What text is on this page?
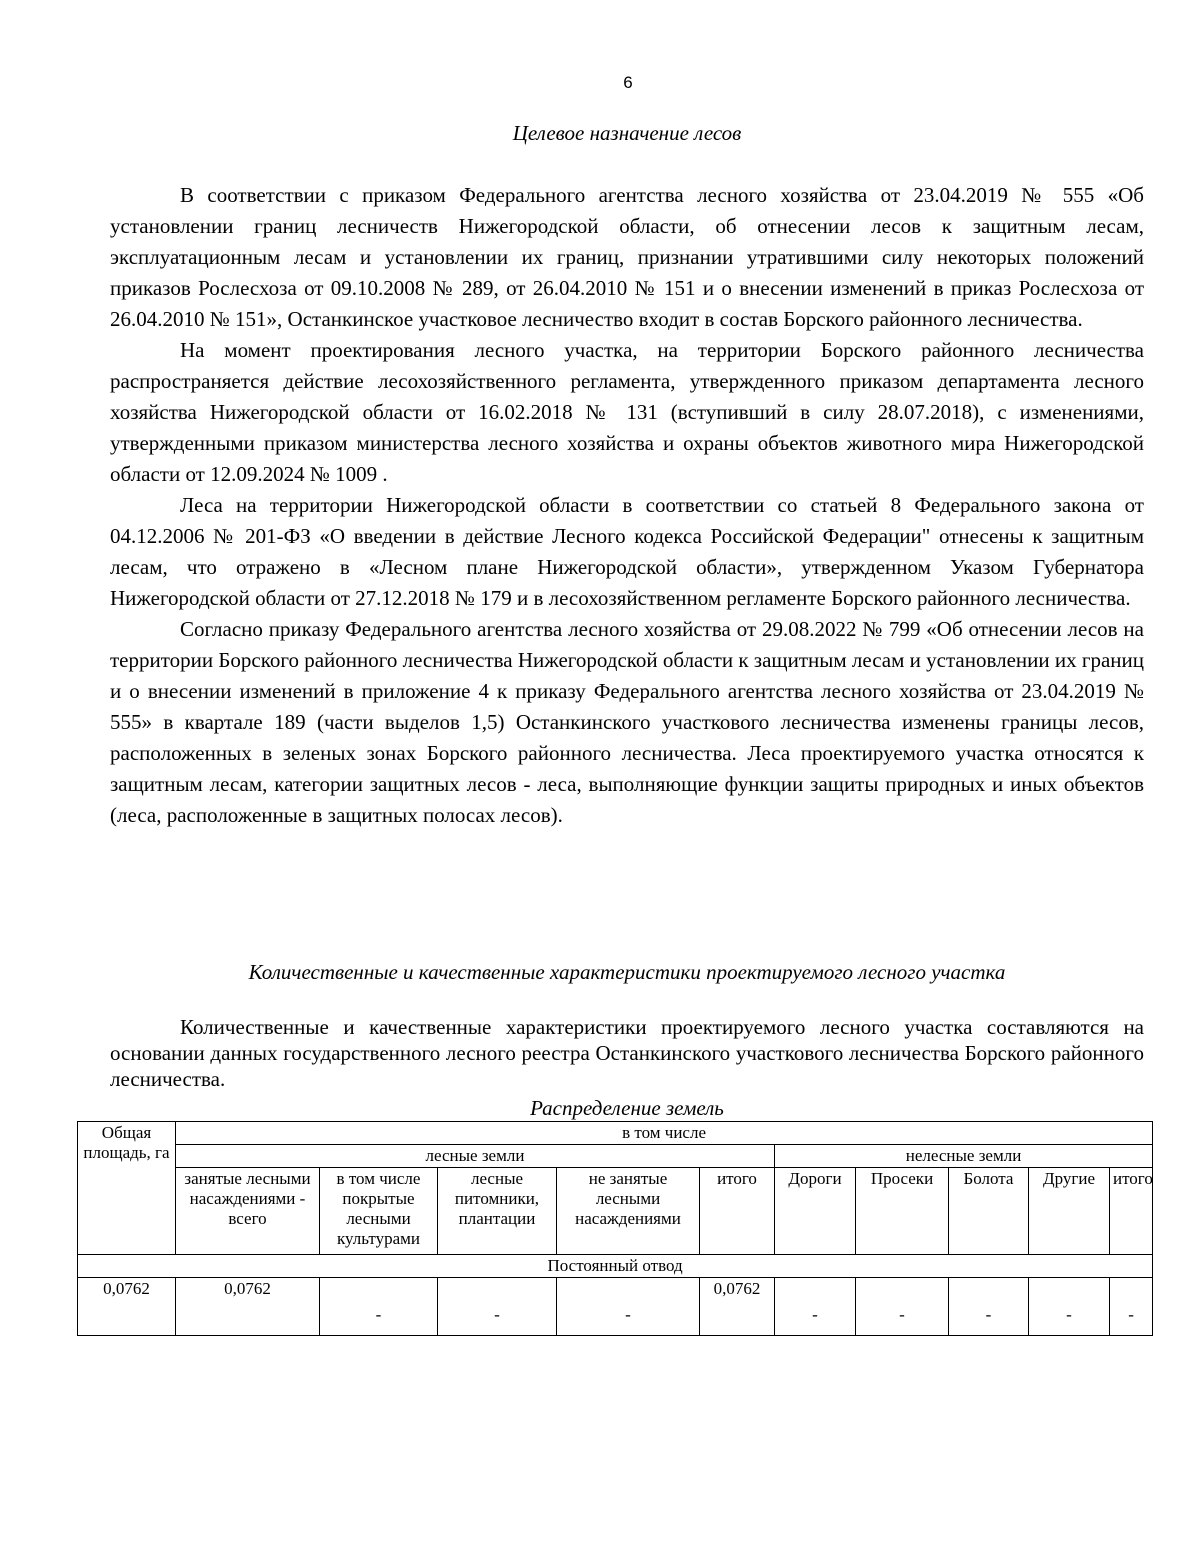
6
Целевое назначение лесов

В соответствии с приказом Федерального агентства лесного хозяйства от 23.04.2019 № 555 «Об установлении границ лесничеств Нижегородской области, об отнесении лесов к защитным лесам, эксплуатационным лесам и установлении их границ, признании утратившими силу некоторых положений приказов Рослесхоза от 09.10.2008 № 289, от 26.04.2010 № 151 и о внесении изменений в приказ Рослесхоза от 26.04.2010 № 151», Останкинское участковое лесничество входит в состав Борского районного лесничества.

На момент проектирования лесного участка, на территории Борского районного лесничества распространяется действие лесохозяйственного регламента, утвержденного приказом департамента лесного хозяйства Нижегородской области от 16.02.2018 № 131 (вступивший в силу 28.07.2018), с изменениями, утвержденными приказом министерства лесного хозяйства и охраны объектов животного мира Нижегородской области от 12.09.2024 № 1009 .

Леса на территории Нижегородской области в соответствии со статьей 8 Федерального закона от 04.12.2006 № 201-ФЗ «О введении в действие Лесного кодекса Российской Федерации" отнесены к защитным лесам, что отражено в «Лесном плане Нижегородской области», утвержденном Указом Губернатора Нижегородской области от 27.12.2018 № 179 и в лесохозяйственном регламенте Борского районного лесничества.

Согласно приказу Федерального агентства лесного хозяйства от 29.08.2022 № 799 «Об отнесении лесов на территории Борского районного лесничества Нижегородской области к защитным лесам и установлении их границ и о внесении изменений в приложение 4 к приказу Федерального агентства лесного хозяйства от 23.04.2019 № 555» в квартале 189 (части выделов 1,5) Останкинского участкового лесничества изменены границы лесов, расположенных в зеленых зонах Борского районного лесничества. Леса проектируемого участка относятся к защитным лесам, категории защитных лесов - леса, выполняющие функции защиты природных и иных объектов (леса, расположенные в защитных полосах лесов).

Количественные и качественные характеристики проектируемого лесного участка

Количественные и качественные характеристики проектируемого лесного участка составляются на основании данных государственного лесного реестра Останкинского участкового лесничества Борского районного лесничества.

Распределение земель
Общая площадь, га	в том числе									
	лесные земли					нелесные земли				
	занятые лесными насаждениями - всего	в том числе покрытые лесными культурами	лесные питомники, плантации	не занятые лесными насаждениями	итого	Дороги	Просеки	Болота	Другие	итого
Постоянный отвод										
0,0762	0,0762	-	-	-	0,0762	-	-	-	-	-
